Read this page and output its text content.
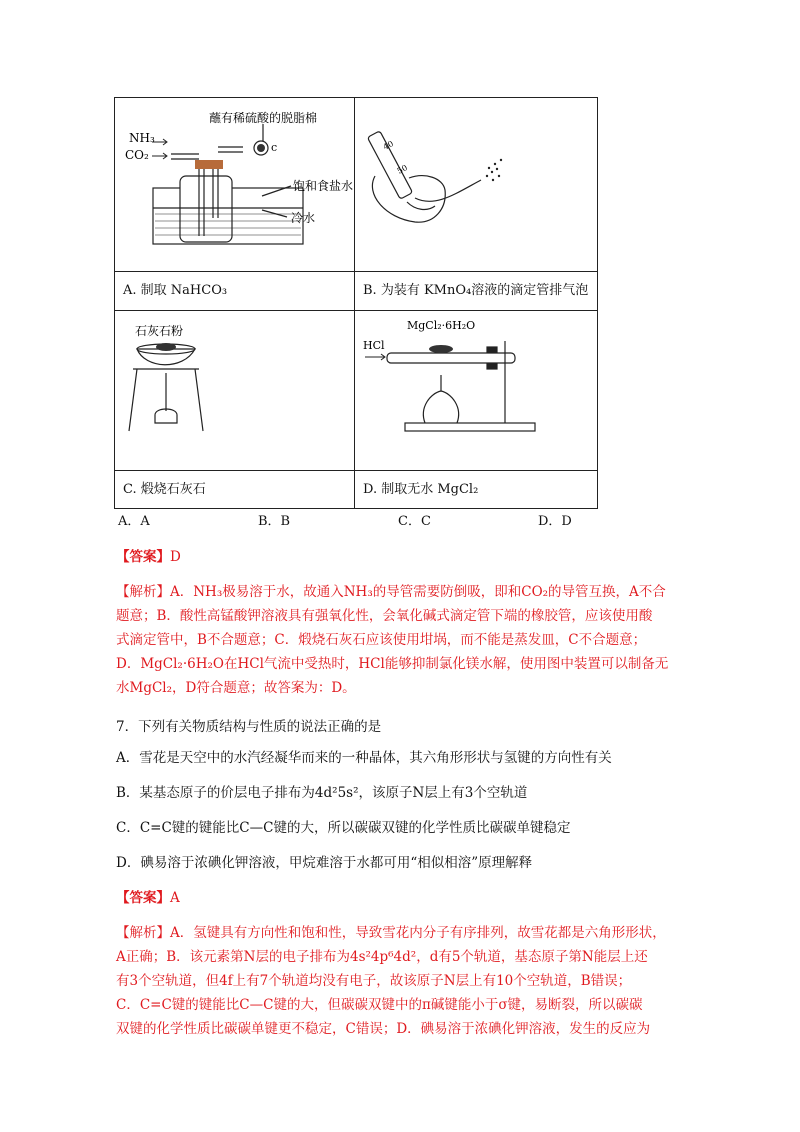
NH₃
CO₂
蘸有稀硫酸的脱脂棉
c
饱和食盐水
冷水
40
50
石灰石粉
HCl
MgCl₂·6H₂O
A. 制取 NaHCO₃	B. 为装有 KMnO₄溶液的滴定管排气泡
C. 煅烧石灰石	D. 制取无水 MgCl₂
A．A	B．B	C．C	D．D
【答案】D
【解析】A．NH₃极易溶于水，故通入NH₃的导管需要防倒吸，即和CO₂的导管互换，A不合
题意；B．酸性高锰酸钾溶液具有强氧化性，会氧化碱式滴定管下端的橡胶管，应该使用酸
式滴定管中，B不合题意；C．煅烧石灰石应该使用坩埚，而不能是蒸发皿，C不合题意；
D．MgCl₂·6H₂O在HCl气流中受热时，HCl能够抑制氯化镁水解，使用图中装置可以制备无
水MgCl₂，D符合题意；故答案为：D。
7．下列有关物质结构与性质的说法正确的是
A．雪花是天空中的水汽经凝华而来的一种晶体，其六角形形状与氢键的方向性有关
B．某基态原子的价层电子排布为4d²5s²，该原子N层上有3个空轨道
C．C=C键的键能比C—C键的大，所以碳碳双键的化学性质比碳碳单键稳定
D．碘易溶于浓碘化钾溶液，甲烷难溶于水都可用“相似相溶”原理解释
【答案】A
【解析】A．氢键具有方向性和饱和性，导致雪花内分子有序排列，故雪花都是六角形形状，
A正确；B．该元素第N层的电子排布为4s²4p⁶4d²，d有5个轨道，基态原子第N能层上还
有3个空轨道，但4f上有7个轨道均没有电子，故该原子N层上有10个空轨道，B错误；
C．C=C键的键能比C—C键的大，但碳碳双键中的π碱键能小于σ键，易断裂，所以碳碳
双键的化学性质比碳碳单键更不稳定，C错误；D．碘易溶于浓碘化钾溶液，发生的反应为
